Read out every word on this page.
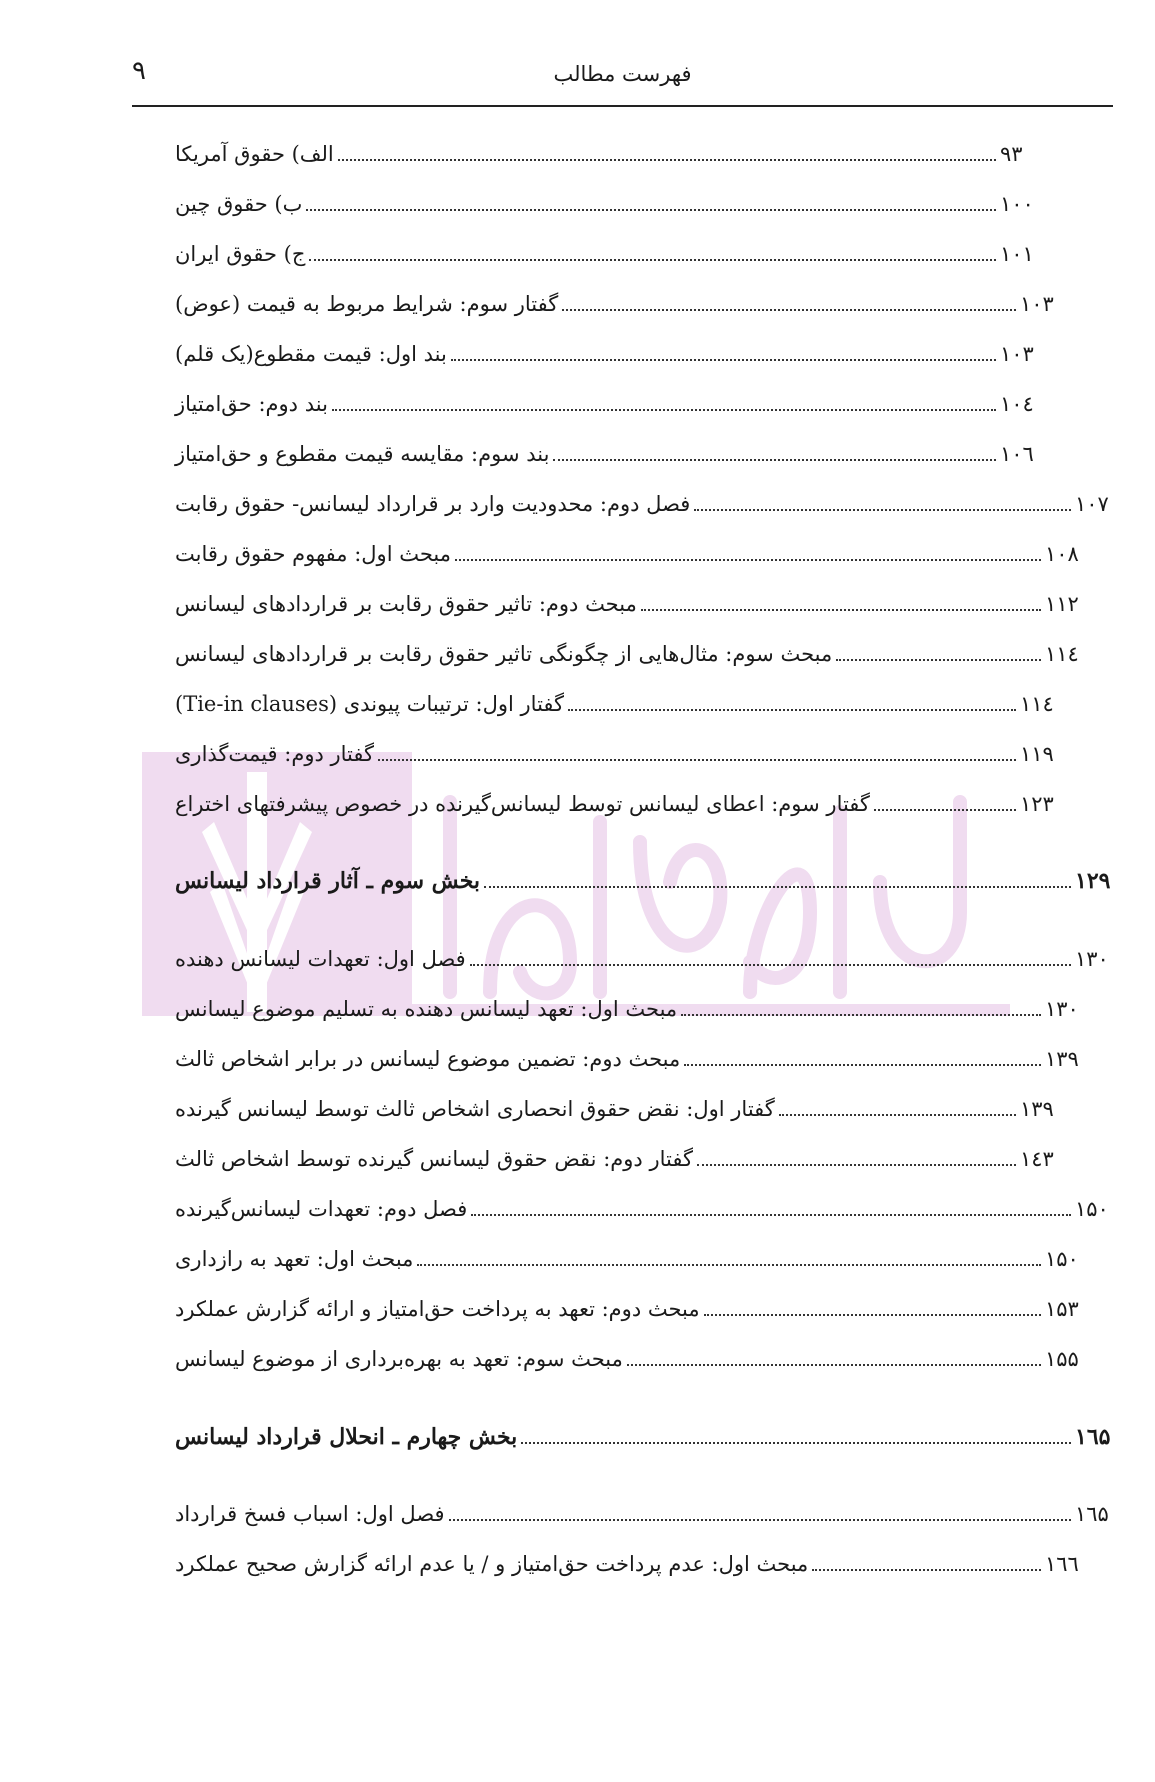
فهرست مطالب
۹
الف) حقوق آمریکا	۹۳
ب) حقوق چین	۱۰۰
ج) حقوق ایران	۱۰۱
گفتار سوم: شرایط مربوط به قیمت (عوض)	۱۰۳
بند اول: قیمت مقطوع(یک قلم)	۱۰۳
بند دوم: حق‌امتیاز	۱۰٤
بند سوم: مقایسه قیمت مقطوع و حق‌امتیاز	۱۰٦
فصل دوم: محدودیت وارد بر قرارداد لیسانس- حقوق رقابت	۱۰۷
مبحث اول: مفهوم حقوق رقابت	۱۰۸
مبحث دوم: تاثیر حقوق رقابت بر قراردادهای لیسانس	۱۱۲
مبحث سوم: مثال‌هایی از چگونگی تاثیر حقوق رقابت بر قراردادهای لیسانس	۱۱٤
گفتار اول: ترتیبات پیوندی (Tie-in clauses)	۱۱٤
گفتار دوم: قیمت‌گذاری	۱۱۹
گفتار سوم: اعطای لیسانس توسط لیسانس‌گیرنده در خصوص پیشرفتهای اختراع	۱۲۳
بخش سوم ـ آثار قرارداد لیسانس	۱۲۹
فصل اول: تعهدات لیسانس دهنده	۱۳۰
مبحث اول: تعهد لیسانس دهنده به تسلیم موضوع لیسانس	۱۳۰
مبحث دوم: تضمین موضوع لیسانس در برابر اشخاص ثالث	۱۳۹
گفتار اول: نقض حقوق انحصاری اشخاص ثالث توسط لیسانس گیرنده	۱۳۹
گفتار دوم: نقض حقوق لیسانس گیرنده توسط اشخاص ثالث	۱٤۳
فصل دوم: تعهدات لیسانس‌گیرنده	۱۵۰
مبحث اول: تعهد به رازداری	۱۵۰
مبحث دوم: تعهد به پرداخت حق‌امتیاز و ارائه گزارش عملکرد	۱۵۳
مبحث سوم: تعهد به بهره‌برداری از موضوع لیسانس	۱۵۵
بخش چهارم ـ انحلال قرارداد لیسانس	۱٦۵
فصل اول: اسباب فسخ قرارداد	۱٦۵
مبحث اول: عدم پرداخت حق‌امتیاز و / یا عدم ارائه گزارش صحیح عملکرد	۱٦٦
